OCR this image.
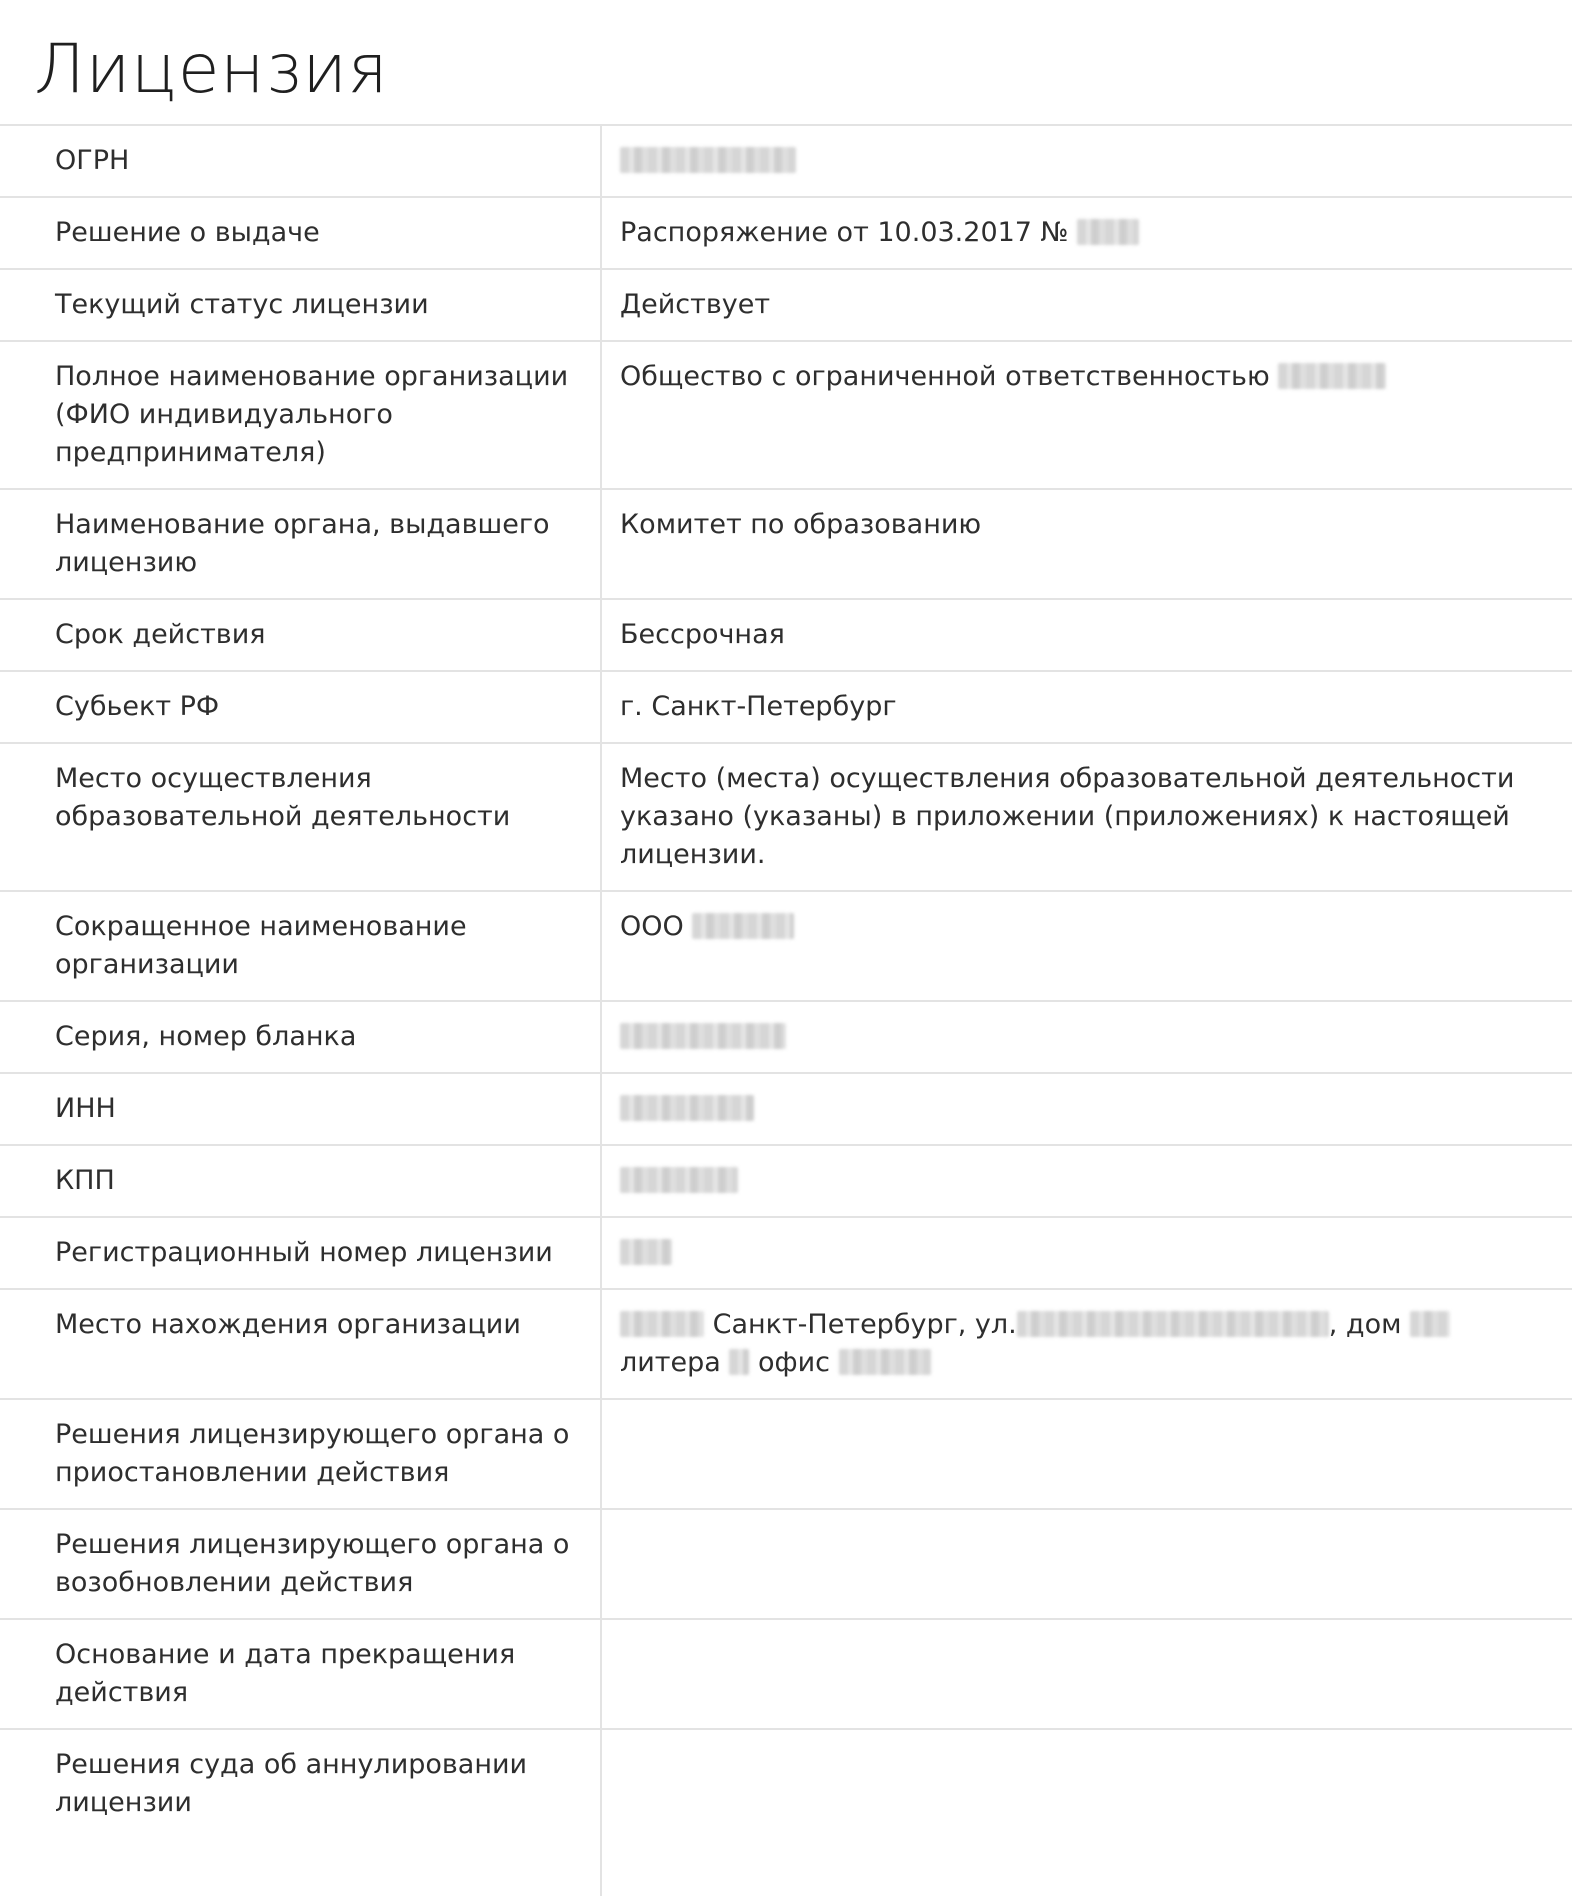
Лицензия
ОГРН	
Решение о выдаче	Распоряжение от 10.03.2017 №
Текущий статус лицензии	Действует
Полное наименование организации (ФИО индивидуального предпринимателя)	Общество с ограниченной ответственностью
Наименование органа, выдавшего лицензию	Комитет по образованию
Срок действия	Бессрочная
Субьект РФ	г. Санкт-Петербург
Место осуществления образовательной деятельности	Место (места) осуществления образовательной деятельности указано (указаны) в приложении (приложениях) к настоящей лицензии.
Сокращенное наименование организации	ООО
Серия, номер бланка	
ИНН	
КПП	
Регистрационный номер лицензии	
Место нахождения организации	Санкт-Петербург, ул. , дом
литера офис
Решения лицензирующего органа о приостановлении действия	
Решения лицензирующего органа о возобновлении действия	
Основание и дата прекращения действия	
Решения суда об аннулировании лицензии	
